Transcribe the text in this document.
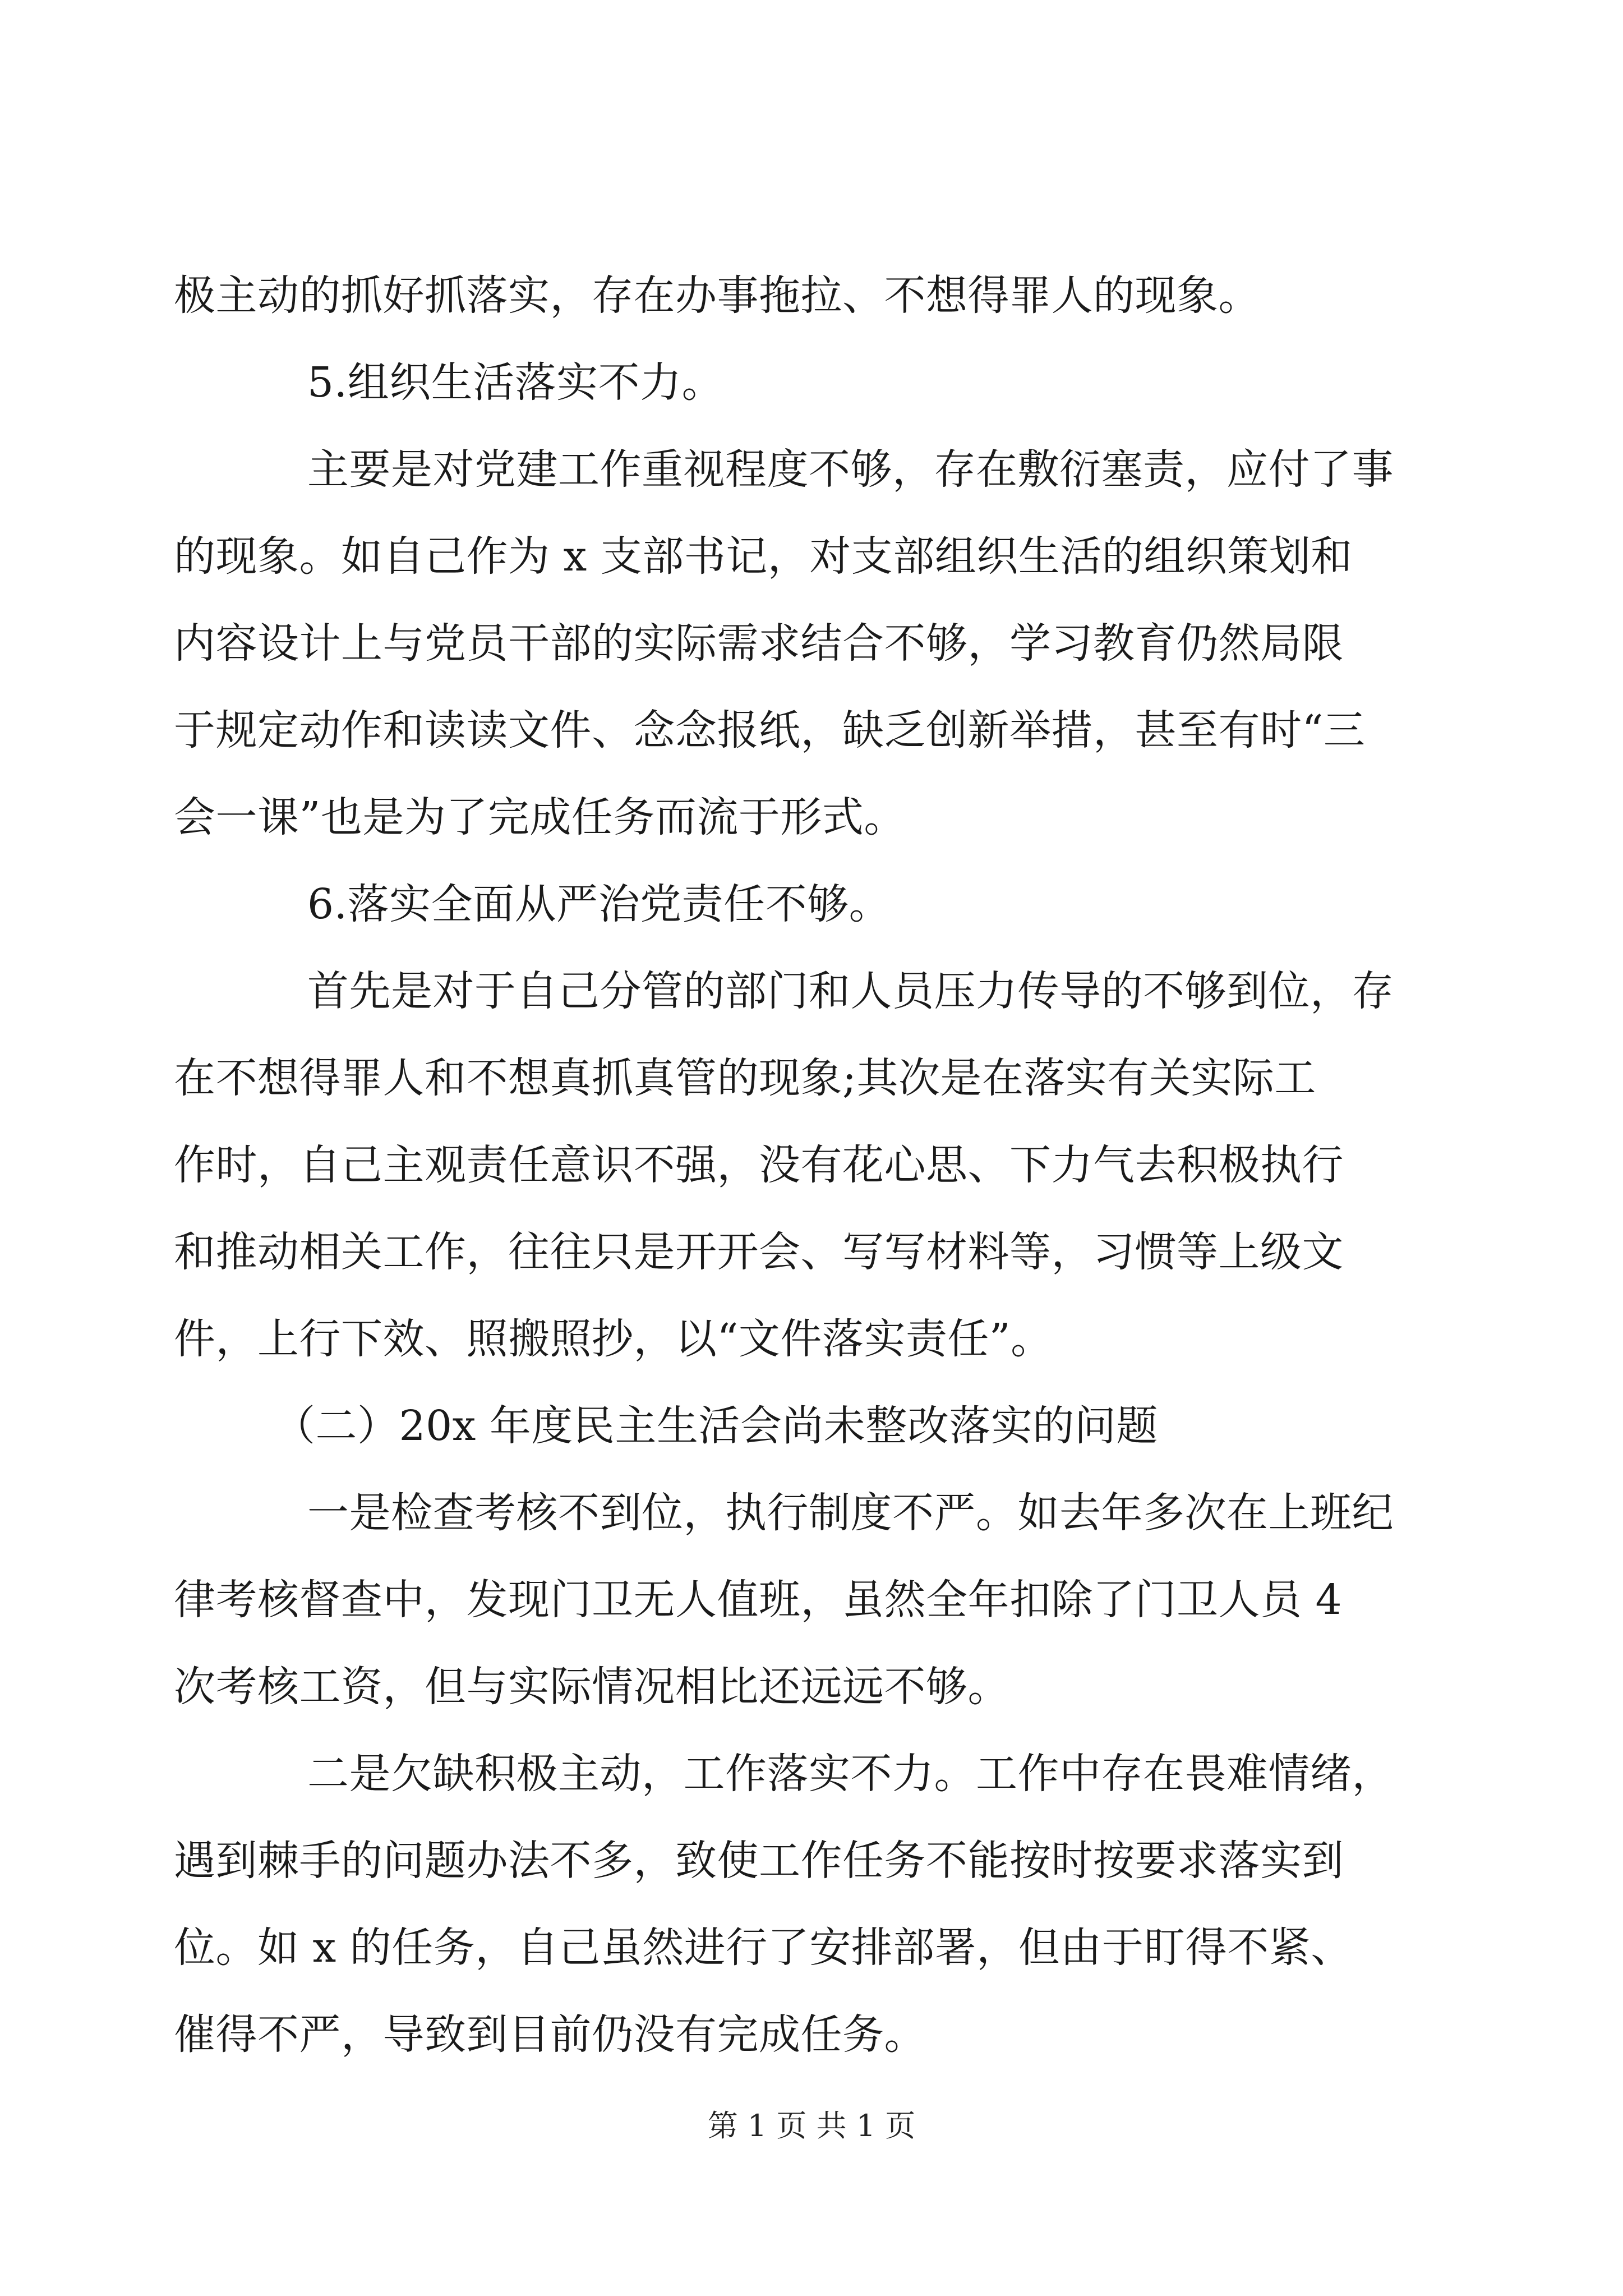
极主动的抓好抓落实，存在办事拖拉、不想得罪人的现象。
5.组织生活落实不力。
主要是对党建工作重视程度不够，存在敷衍塞责，应付了事
的现象。如自己作为 x 支部书记，对支部组织生活的组织策划和
内容设计上与党员干部的实际需求结合不够，学习教育仍然局限
于规定动作和读读文件、念念报纸，缺乏创新举措，甚至有时“三
会一课”也是为了完成任务而流于形式。
6.落实全面从严治党责任不够。
首先是对于自己分管的部门和人员压力传导的不够到位，存
在不想得罪人和不想真抓真管的现象;其次是在落实有关实际工
作时，自己主观责任意识不强，没有花心思、下力气去积极执行
和推动相关工作，往往只是开开会、写写材料等，习惯等上级文
件，上行下效、照搬照抄，以“文件落实责任”。
（二）20x 年度民主生活会尚未整改落实的问题
一是检查考核不到位，执行制度不严。如去年多次在上班纪
律考核督查中，发现门卫无人值班，虽然全年扣除了门卫人员 4
次考核工资，但与实际情况相比还远远不够。
二是欠缺积极主动，工作落实不力。工作中存在畏难情绪，
遇到棘手的问题办法不多，致使工作任务不能按时按要求落实到
位。如 x 的任务，自己虽然进行了安排部署，但由于盯得不紧、
催得不严，导致到目前仍没有完成任务。
第 1 页 共 1 页
